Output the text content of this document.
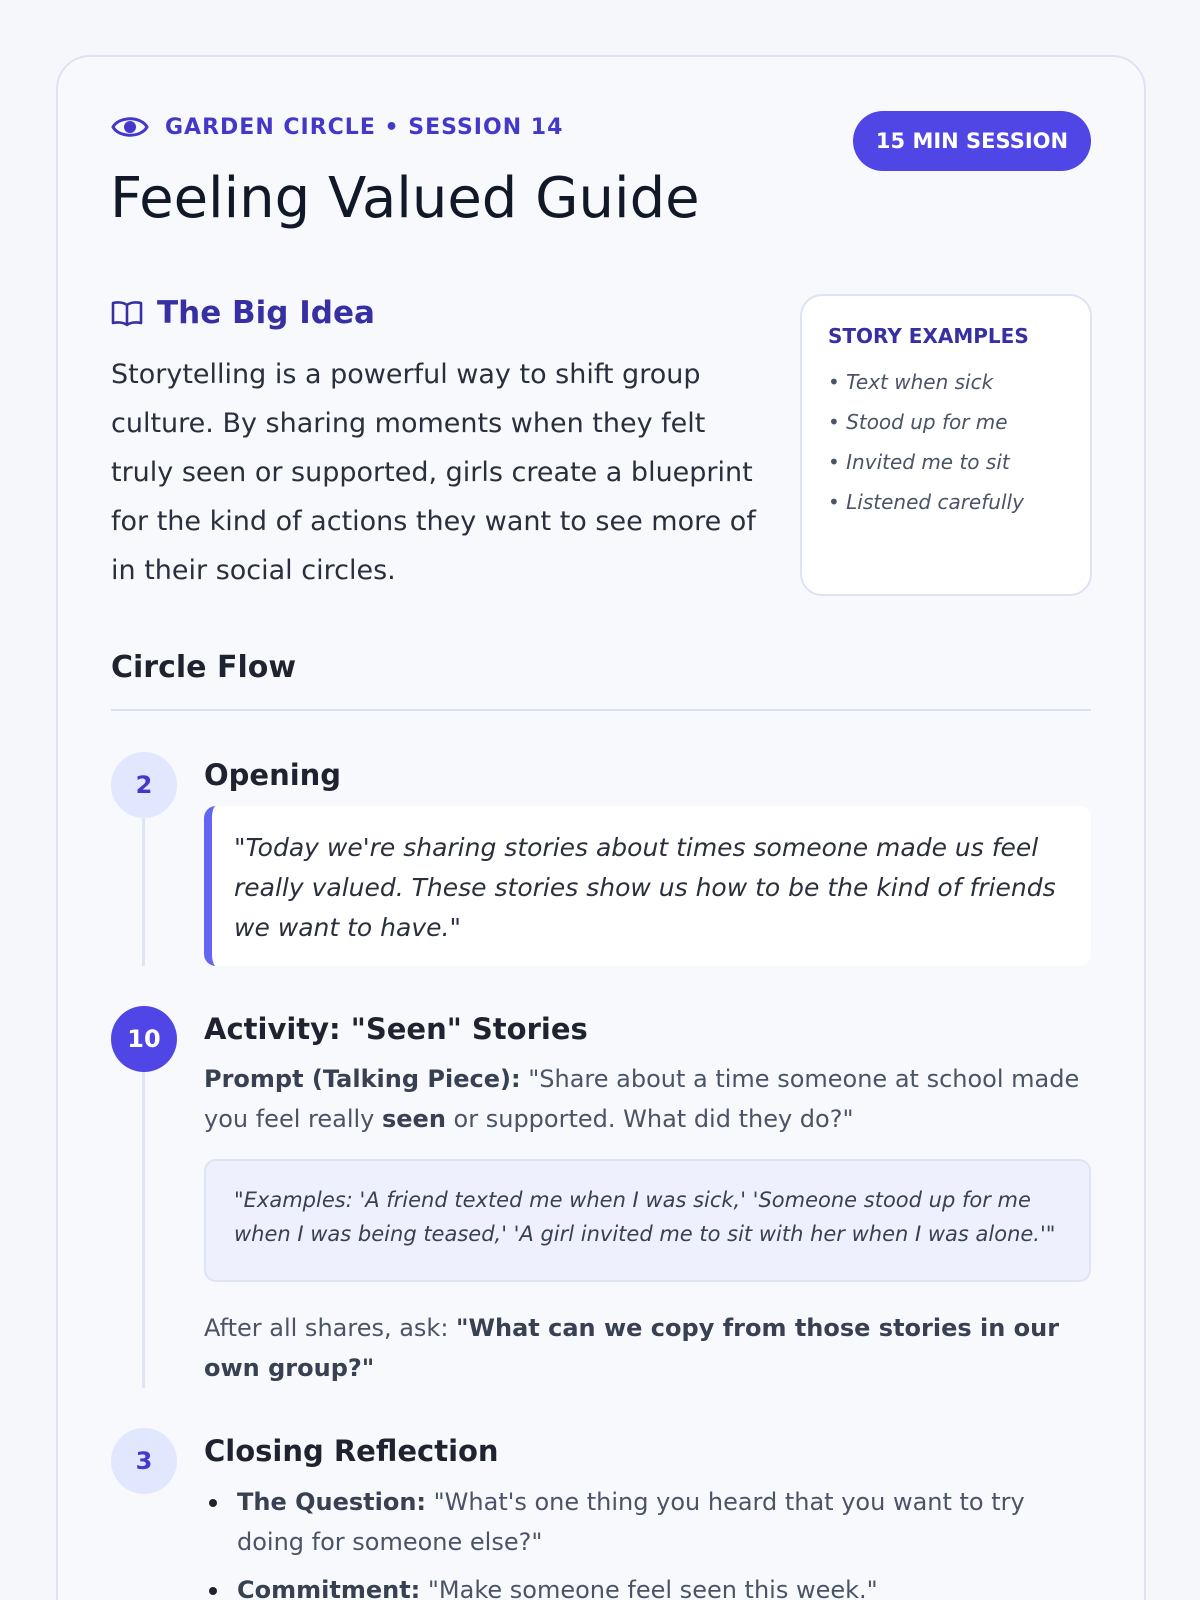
GARDEN CIRCLE • SESSION 14
15 MIN SESSION
Feeling Valued Guide
The Big Idea

Storytelling is a powerful way to shift group culture. By sharing moments when they felt truly seen or supported, girls create a blueprint for the kind of actions they want to see more of in their social circles.

STORY EXAMPLES
• Text when sick
• Stood up for me
• Invited me to sit
• Listened carefully
Circle Flow
2	Opening
"Today we're sharing stories about times someone made us feel really valued. These stories show us how to be the kind of friends we want to have."
10	Activity: "Seen" Stories

Prompt (Talking Piece): "Share about a time someone at school made you feel really seen or supported. What did they do?"

"Examples: 'A friend texted me when I was sick,' 'Someone stood up for me when I was being teased,' 'A girl invited me to sit with her when I was alone.'"

After all shares, ask: "What can we copy from those stories in our own group?"

3	Closing Reflection
The Question: "What's one thing you heard that you want to try doing for someone else?"
Commitment: "Make someone feel seen this week."
